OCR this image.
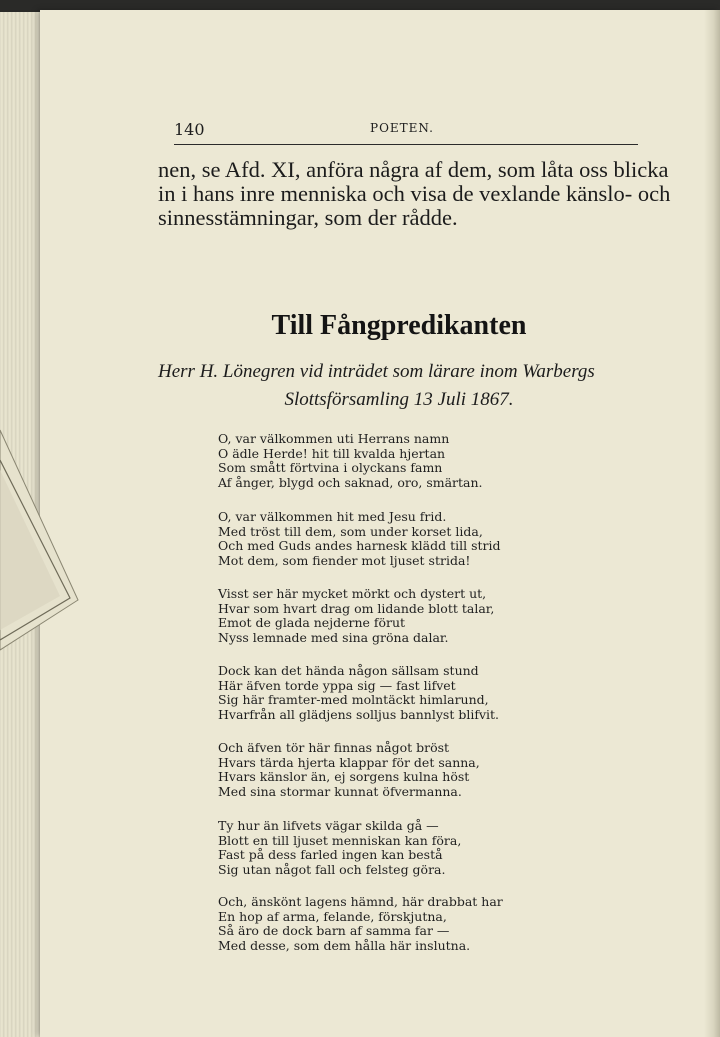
140	POETEN.
nen, se Afd. XI, anföra några af dem, som låta oss blicka
in i hans inre menniska och visa de vexlande känslo- och
sinnesstämningar, som der rådde.
Till Fångpredikanten
Herr H. Lönegren vid inträdet som lärare inom Warbergs
Slottsförsamling 13 Juli 1867.
O, var välkommen uti Herrans namn
O ädle Herde! hit till kvalda hjertan
Som smått förtvina i olyckans famn
Af ånger, blygd och saknad, oro, smärtan.
O, var välkommen hit med Jesu frid.
Med tröst till dem, som under korset lida,
Och med Guds andes harnesk klädd till strid
Mot dem, som fiender mot ljuset strida!
Visst ser här mycket mörkt och dystert ut,
Hvar som hvart drag om lidande blott talar,
Emot de glada nejderne förut
Nyss lemnade med sina gröna dalar.
Dock kan det hända någon sällsam stund
Här äfven torde yppa sig — fast lifvet
Sig här framter-med molntäckt himlarund,
Hvarfrån all glädjens solljus bannlyst blifvit.
Och äfven tör här finnas något bröst
Hvars tärda hjerta klappar för det sanna,
Hvars känslor än, ej sorgens kulna höst
Med sina stormar kunnat öfvermanna.
Ty hur än lifvets vägar skilda gå —
Blott en till ljuset menniskan kan föra,
Fast på dess farled ingen kan bestå
Sig utan något fall och felsteg göra.
Och, änskönt lagens hämnd, här drabbat har
En hop af arma, felande, förskjutna,
Så äro de dock barn af samma far —
Med desse, som dem hålla här inslutna.
